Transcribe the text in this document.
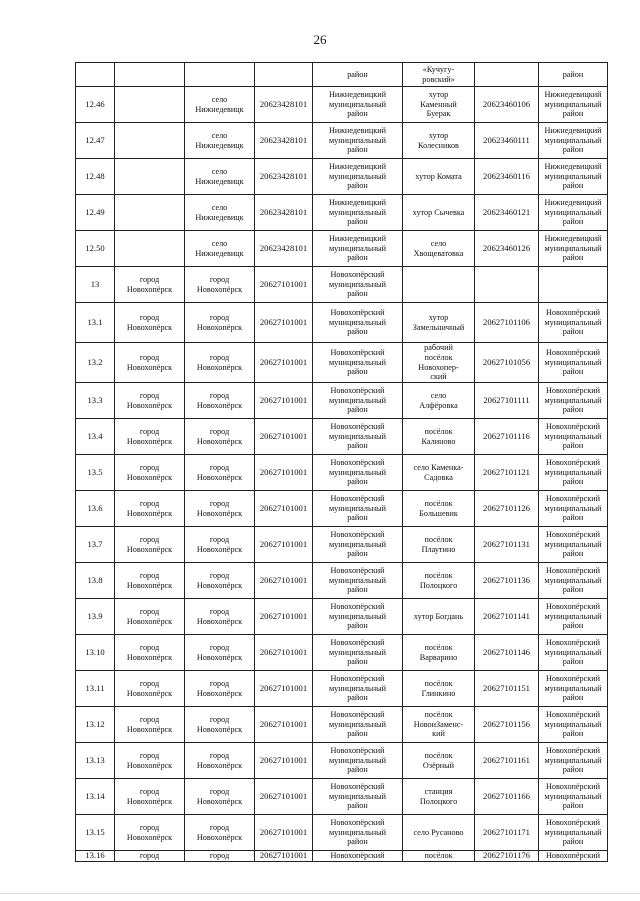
26
				район	«Кучугу-
ровский»		район
12.46		село
Нижнедевицк	20623428101	Нижнедевицкий
муниципальный
район	хутор
Каменный
Буерак	20623460106	Нижнедевицкий
муниципальный
район
12.47		село
Нижнедевицк	20623428101	Нижнедевицкий
муниципальный
район	хутор
Колесников	20623460111	Нижнедевицкий
муниципальный
район
12.48		село
Нижнедевицк	20623428101	Нижнедевицкий
муниципальный
район	хутор Комата	20623460116	Нижнедевицкий
муниципальный
район
12.49		село
Нижнедевицк	20623428101	Нижнедевицкий
муниципальный
район	хутор Сычевка	20623460121	Нижнедевицкий
муниципальный
район
12.50		село
Нижнедевицк	20623428101	Нижнедевицкий
муниципальный
район	село
Хвощеватовка	20623460126	Нижнедевицкий
муниципальный
район
13	город
Новохопёрск	город
Новохопёрск	20627101001	Новохопёрский
муниципальный
район			
13.1	город
Новохопёрск	город
Новохопёрск	20627101001	Новохопёрский
муниципальный
район	хутор
Замельничный	20627101106	Новохопёрский
муниципальный
район
13.2	город
Новохопёрск	город
Новохопёрск	20627101001	Новохопёрский
муниципальный
район	рабочий
посёлок
Новохопер-
ский	20627101056	Новохопёрский
муниципальный
район
13.3	город
Новохопёрск	город
Новохопёрск	20627101001	Новохопёрский
муниципальный
район	село
Алфёровка	20627101111	Новохопёрский
муниципальный
район
13.4	город
Новохопёрск	город
Новохопёрск	20627101001	Новохопёрский
муниципальный
район	посёлок
Калиново	20627101116	Новохопёрский
муниципальный
район
13.5	город
Новохопёрск	город
Новохопёрск	20627101001	Новохопёрский
муниципальный
район	село Каменка-
Садовка	20627101121	Новохопёрский
муниципальный
район
13.6	город
Новохопёрск	город
Новохопёрск	20627101001	Новохопёрский
муниципальный
район	посёлок
Большевик	20627101126	Новохопёрский
муниципальный
район
13.7	город
Новохопёрск	город
Новохопёрск	20627101001	Новохопёрский
муниципальный
район	посёлок
Плаутино	20627101131	Новохопёрский
муниципальный
район
13.8	город
Новохопёрск	город
Новохопёрск	20627101001	Новохопёрский
муниципальный
район	посёлок
Полоцкого	20627101136	Новохопёрский
муниципальный
район
13.9	город
Новохопёрск	город
Новохопёрск	20627101001	Новохопёрский
муниципальный
район	хутор Богдань	20627101141	Новохопёрский
муниципальный
район
13.10	город
Новохопёрск	город
Новохопёрск	20627101001	Новохопёрский
муниципальный
район	посёлок
Варварино	20627101146	Новохопёрский
муниципальный
район
13.11	город
Новохопёрск	город
Новохопёрск	20627101001	Новохопёрский
муниципальный
район	посёлок
Глинкино	20627101151	Новохопёрский
муниципальный
район
13.12	город
Новохопёрск	город
Новохопёрск	20627101001	Новохопёрский
муниципальный
район	посёлок
НовоиЗаменс-
кий	20627101156	Новохопёрский
муниципальный
район
13.13	город
Новохопёрск	город
Новохопёрск	20627101001	Новохопёрский
муниципальный
район	посёлок
Озёрный	20627101161	Новохопёрский
муниципальный
район
13.14	город
Новохопёрск	город
Новохопёрск	20627101001	Новохопёрский
муниципальный
район	станция
Полоцкого	20627101166	Новохопёрский
муниципальный
район
13.15	город
Новохопёрск	город
Новохопёрск	20627101001	Новохопёрский
муниципальный
район	село Русаново	20627101171	Новохопёрский
муниципальный
район
13.16	город	город	20627101001	Новохопёрский	посёлок	20627101176	Новохопёрский
